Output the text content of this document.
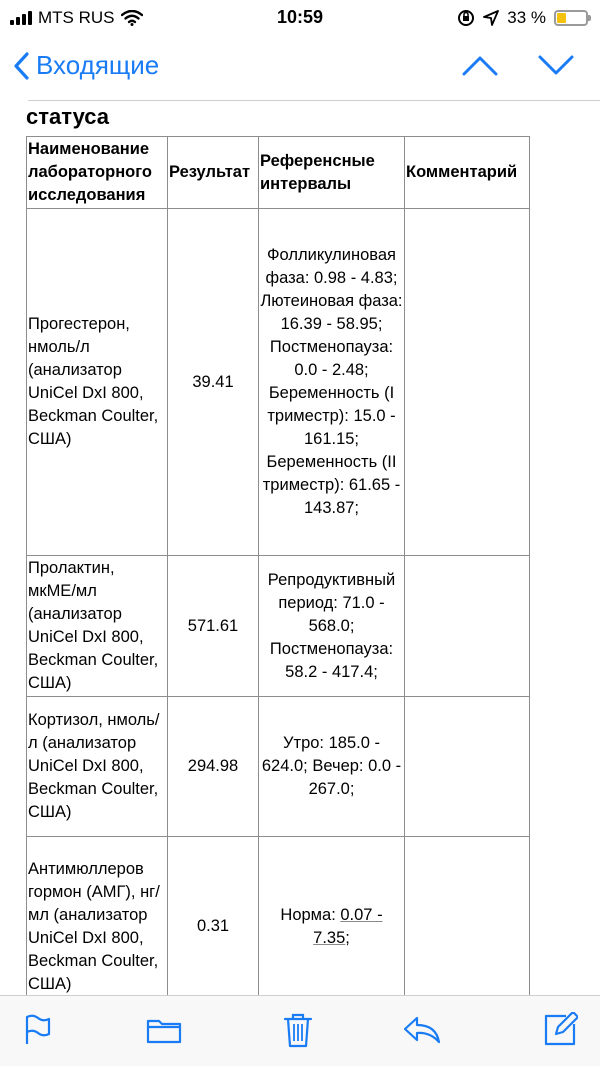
MTS RUS	10:59	33 %
Входящие
статуса
Наименование лабораторного исследования	Результат	Референсные интервалы	Комментарий
Прогестерон, нмоль/л (анализатор UniCel DxI 800, Beckman Coulter, США)	39.41	Фолликулиновая фаза: 0.98 - 4.83; Лютеиновая фаза: 16.39 - 58.95; Постменопауза: 0.0 - 2.48; Беременность (I триместр): 15.0 - 161.15; Беременность (II триместр): 61.65 - 143.87;	
Пролактин, мкМЕ/мл (анализатор UniCel DxI 800, Beckman Coulter, США)	571.61	Репродуктивный период: 71.0 - 568.0; Постменопауза: 58.2 - 417.4;	
Кортизол, нмоль/л (анализатор UniCel DxI 800, Beckman Coulter, США)	294.98	Утро: 185.0 - 624.0; Вечер: 0.0 - 267.0;	
Антимюллеров гормон (АМГ), нг/мл (анализатор UniCel DxI 800, Beckman Coulter, США)	0.31	Норма: 0.07 - 7.35;	
